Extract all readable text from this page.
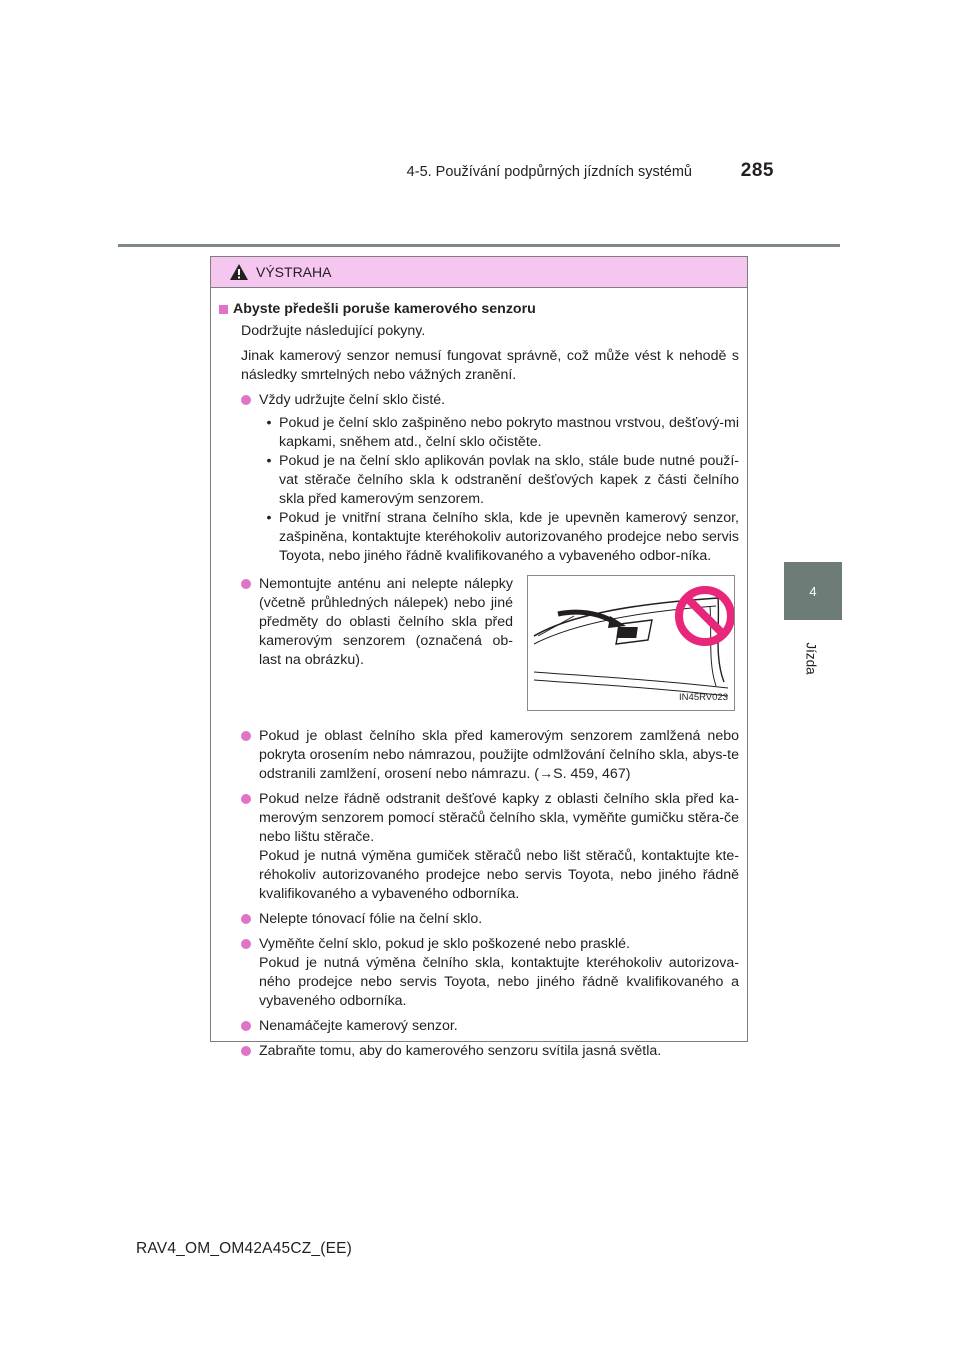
4-5. Používání podpůrných jízdních systémů	285
4
Jízda
VÝSTRAHA

Abyste předešli poruše kamerového senzoru

Dodržujte následující pokyny.

Jinak kamerový senzor nemusí fungovat správně, což může vést k nehodě s následky smrtelných nebo vážných zranění.

Vždy udržujte čelní sklo čisté.
• Pokud je čelní sklo zašpiněno nebo pokryto mastnou vrstvou, dešťový-mi kapkami, sněhem atd., čelní sklo očistěte.
• Pokud je na čelní sklo aplikován povlak na sklo, stále bude nutné použí-vat stěrače čelního skla k odstranění dešťových kapek z části čelního skla před kamerovým senzorem.
• Pokud je vnitřní strana čelního skla, kde je upevněn kamerový senzor, zašpiněna, kontaktujte kteréhokoliv autorizovaného prodejce nebo servis Toyota, nebo jiného řádně kvalifikovaného a vybaveného odbor-níka.
Nemontujte anténu ani nelepte nálepky (včetně průhledných nálepek) nebo jiné předměty do oblasti čelního skla před kamerovým senzorem (označená ob-last na obrázku).
IN45RV023
Pokud je oblast čelního skla před kamerovým senzorem zamlžená nebo pokryta orosením nebo námrazou, použijte odmlžování čelního skla, abys-te odstranili zamlžení, orosení nebo námrazu. (→S. 459, 467)
Pokud nelze řádně odstranit dešťové kapky z oblasti čelního skla před ka-merovým senzorem pomocí stěračů čelního skla, vyměňte gumičku stěra-če nebo lištu stěrače.
Pokud je nutná výměna gumiček stěračů nebo lišt stěračů, kontaktujte kte-réhokoliv autorizovaného prodejce nebo servis Toyota, nebo jiného řádně kvalifikovaného a vybaveného odborníka.
Nelepte tónovací fólie na čelní sklo.
Vyměňte čelní sklo, pokud je sklo poškozené nebo prasklé.
Pokud je nutná výměna čelního skla, kontaktujte kteréhokoliv autorizova-ného prodejce nebo servis Toyota, nebo jiného řádně kvalifikovaného a vybaveného odborníka.
Nenamáčejte kamerový senzor.
Zabraňte tomu, aby do kamerového senzoru svítila jasná světla.
RAV4_OM_OM42A45CZ_(EE)
